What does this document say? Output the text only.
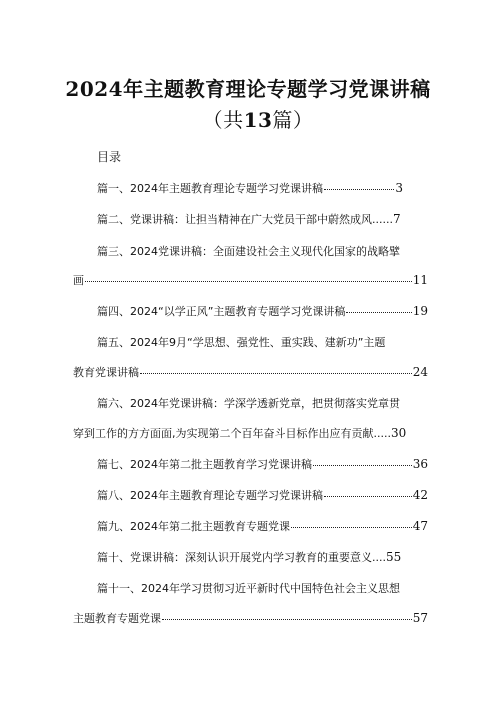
2024年主题教育理论专题学习党课讲稿
（共13篇）
目录
篇一、2024年主题教育理论专题学习党课讲稿	3
篇二、党课讲稿：让担当精神在广大党员干部中蔚然成风...... 7
篇三、2024党课讲稿：全面建设社会主义现代化国家的战略擘
画	11
篇四、2024“以学正风”主题教育专题学习党课讲稿	19
篇五、2024年9月“学思想、强党性、重实践、建新功”主题
教育党课讲稿	24
篇六、2024年党课讲稿：学深学透新党章，把贯彻落实党章贯
穿到工作的方方面面,为实现第二个百年奋斗目标作出应有贡献..... 30
篇七、2024年第二批主题教育学习党课讲稿	36
篇八、2024年主题教育理论专题学习党课讲稿	42
篇九、2024年第二批主题教育专题党课	47
篇十、党课讲稿：深刻认识开展党内学习教育的重要意义.... 55
篇十一、2024年学习贯彻习近平新时代中国特色社会主义思想
主题教育专题党课	57
